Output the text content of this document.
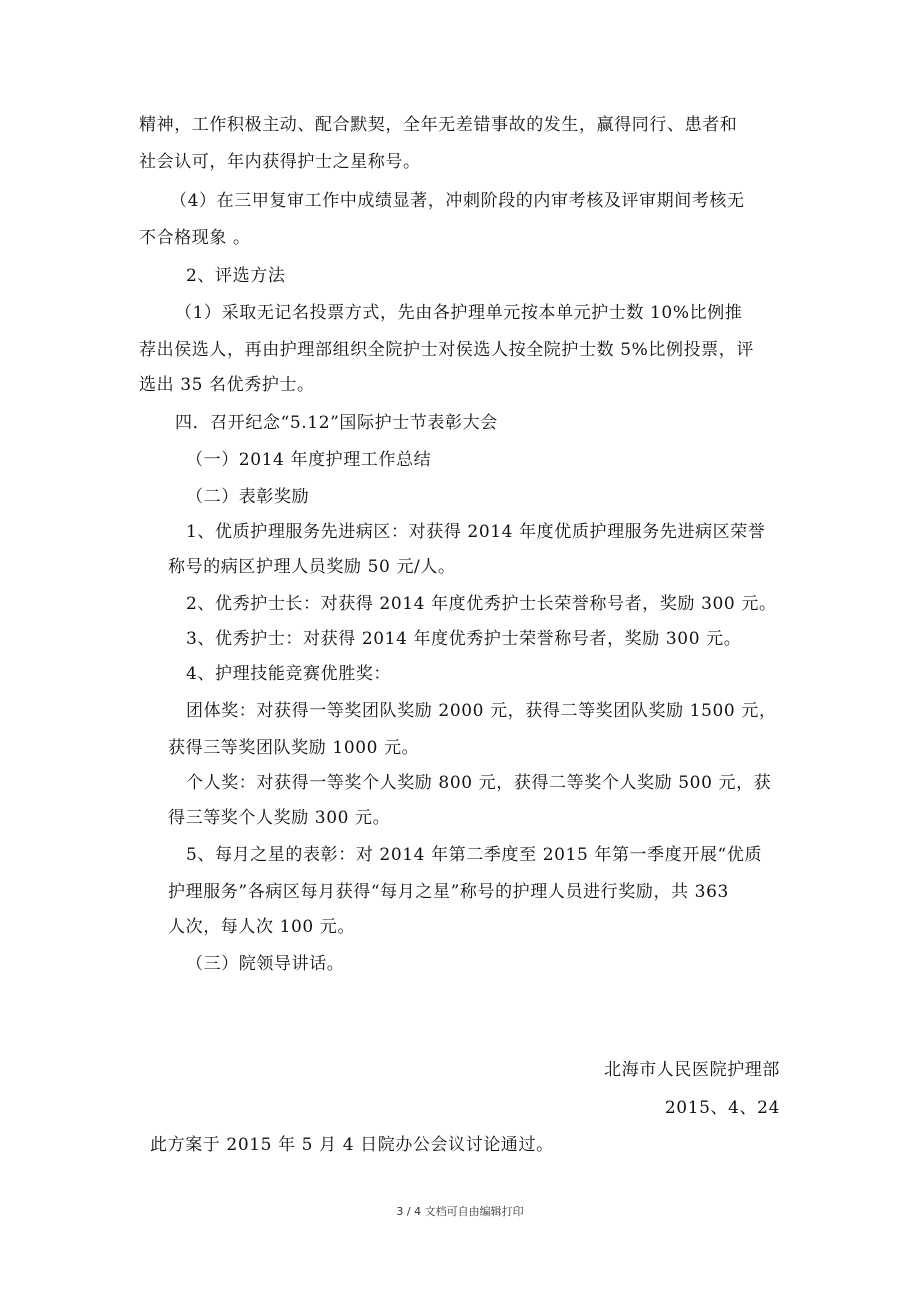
精神，工作积极主动、配合默契，全年无差错事故的发生，赢得同行、患者和

社会认可，年内获得护士之星称号。

（4）在三甲复审工作中成绩显著，冲刺阶段的内审考核及评审期间考核无

不合格现象 。

2、评选方法

（1）采取无记名投票方式，先由各护理单元按本单元护士数 10%比例推

荐出侯选人，再由护理部组织全院护士对侯选人按全院护士数 5%比例投票，评

选出 35 名优秀护士。

四．召开纪念“5.12”国际护士节表彰大会

（一）2014 年度护理工作总结

（二）表彰奖励

1、优质护理服务先进病区：对获得 2014 年度优质护理服务先进病区荣誉

称号的病区护理人员奖励 50 元/人。

2、优秀护士长：对获得 2014 年度优秀护士长荣誉称号者，奖励 300 元。

3、优秀护士：对获得 2014 年度优秀护士荣誉称号者，奖励 300 元。

4、护理技能竞赛优胜奖：

团体奖：对获得一等奖团队奖励 2000 元，获得二等奖团队奖励 1500 元，

获得三等奖团队奖励 1000 元。

个人奖：对获得一等奖个人奖励 800 元，获得二等奖个人奖励 500 元，获

得三等奖个人奖励 300 元。

5、每月之星的表彰：对 2014 年第二季度至 2015 年第一季度开展“优质

护理服务”各病区每月获得“每月之星”称号的护理人员进行奖励，共 363

人次，每人次 100 元。

（三）院领导讲话。

北海市人民医院护理部

2015、4、24

此方案于 2015 年 5 月 4 日院办公会议讨论通过。

3 / 4 文档可自由编辑打印
